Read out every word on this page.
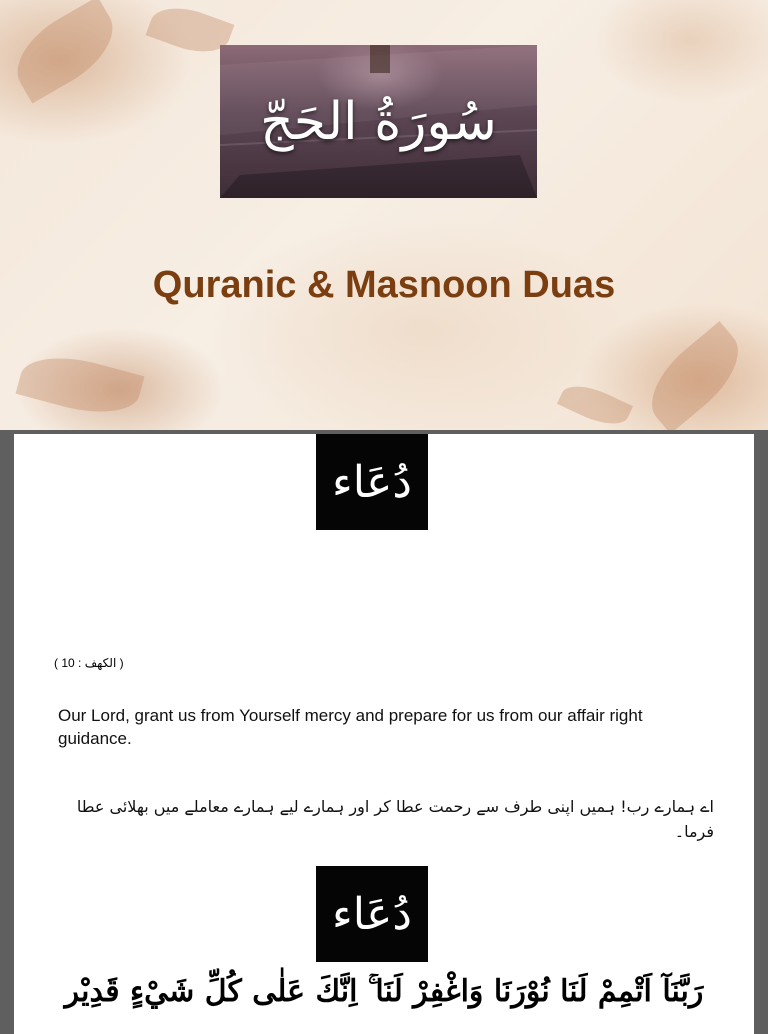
سُورَةُ الحَجّ
Quranic & Masnoon Duas
دُعَاء
( الکھف : 10 )
Our Lord, grant us from Yourself mercy and prepare for us from our affair right guidance.
اے ہمارے رب! ہمیں اپنی طرف سے رحمت عطا کر اور ہمارے لیے ہمارے معاملے میں بھلائی عطا فرما۔
دُعَاء
رَبَّنَآ اَتْمِمْ لَنَا نُوْرَنَا وَاغْفِرْ لَنَا ۚ اِنَّكَ عَلٰى كُلِّ شَيْءٍ قَدِيْر
